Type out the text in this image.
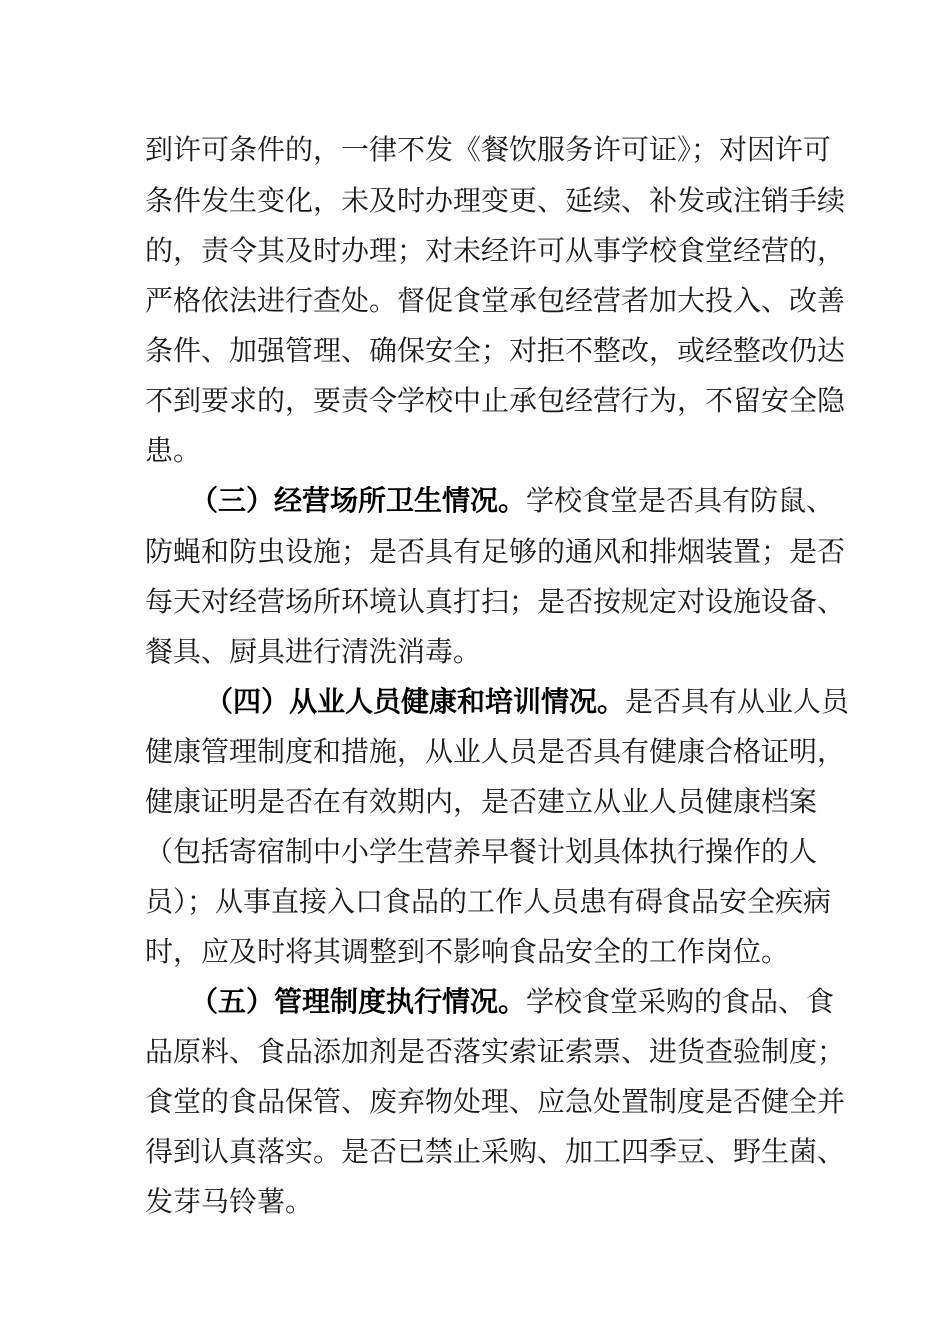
到许可条件的，一律不发《餐饮服务许可证》；对因许可
条件发生变化，未及时办理变更、延续、补发或注销手续
的，责令其及时办理；对未经许可从事学校食堂经营的，
严格依法进行查处。督促食堂承包经营者加大投入、改善
条件、加强管理、确保安全；对拒不整改，或经整改仍达
不到要求的，要责令学校中止承包经营行为，不留安全隐
患。
（三）经营场所卫生情况。学校食堂是否具有防鼠、
防蝇和防虫设施；是否具有足够的通风和排烟装置；是否
每天对经营场所环境认真打扫；是否按规定对设施设备、
餐具、厨具进行清洗消毒。
（四）从业人员健康和培训情况。是否具有从业人员
健康管理制度和措施，从业人员是否具有健康合格证明，
健康证明是否在有效期内，是否建立从业人员健康档案
（包括寄宿制中小学生营养早餐计划具体执行操作的人
员）；从事直接入口食品的工作人员患有碍食品安全疾病
时，应及时将其调整到不影响食品安全的工作岗位。
（五）管理制度执行情况。学校食堂采购的食品、食
品原料、食品添加剂是否落实索证索票、进货查验制度；
食堂的食品保管、废弃物处理、应急处置制度是否健全并
得到认真落实。是否已禁止采购、加工四季豆、野生菌、
发芽马铃薯。
